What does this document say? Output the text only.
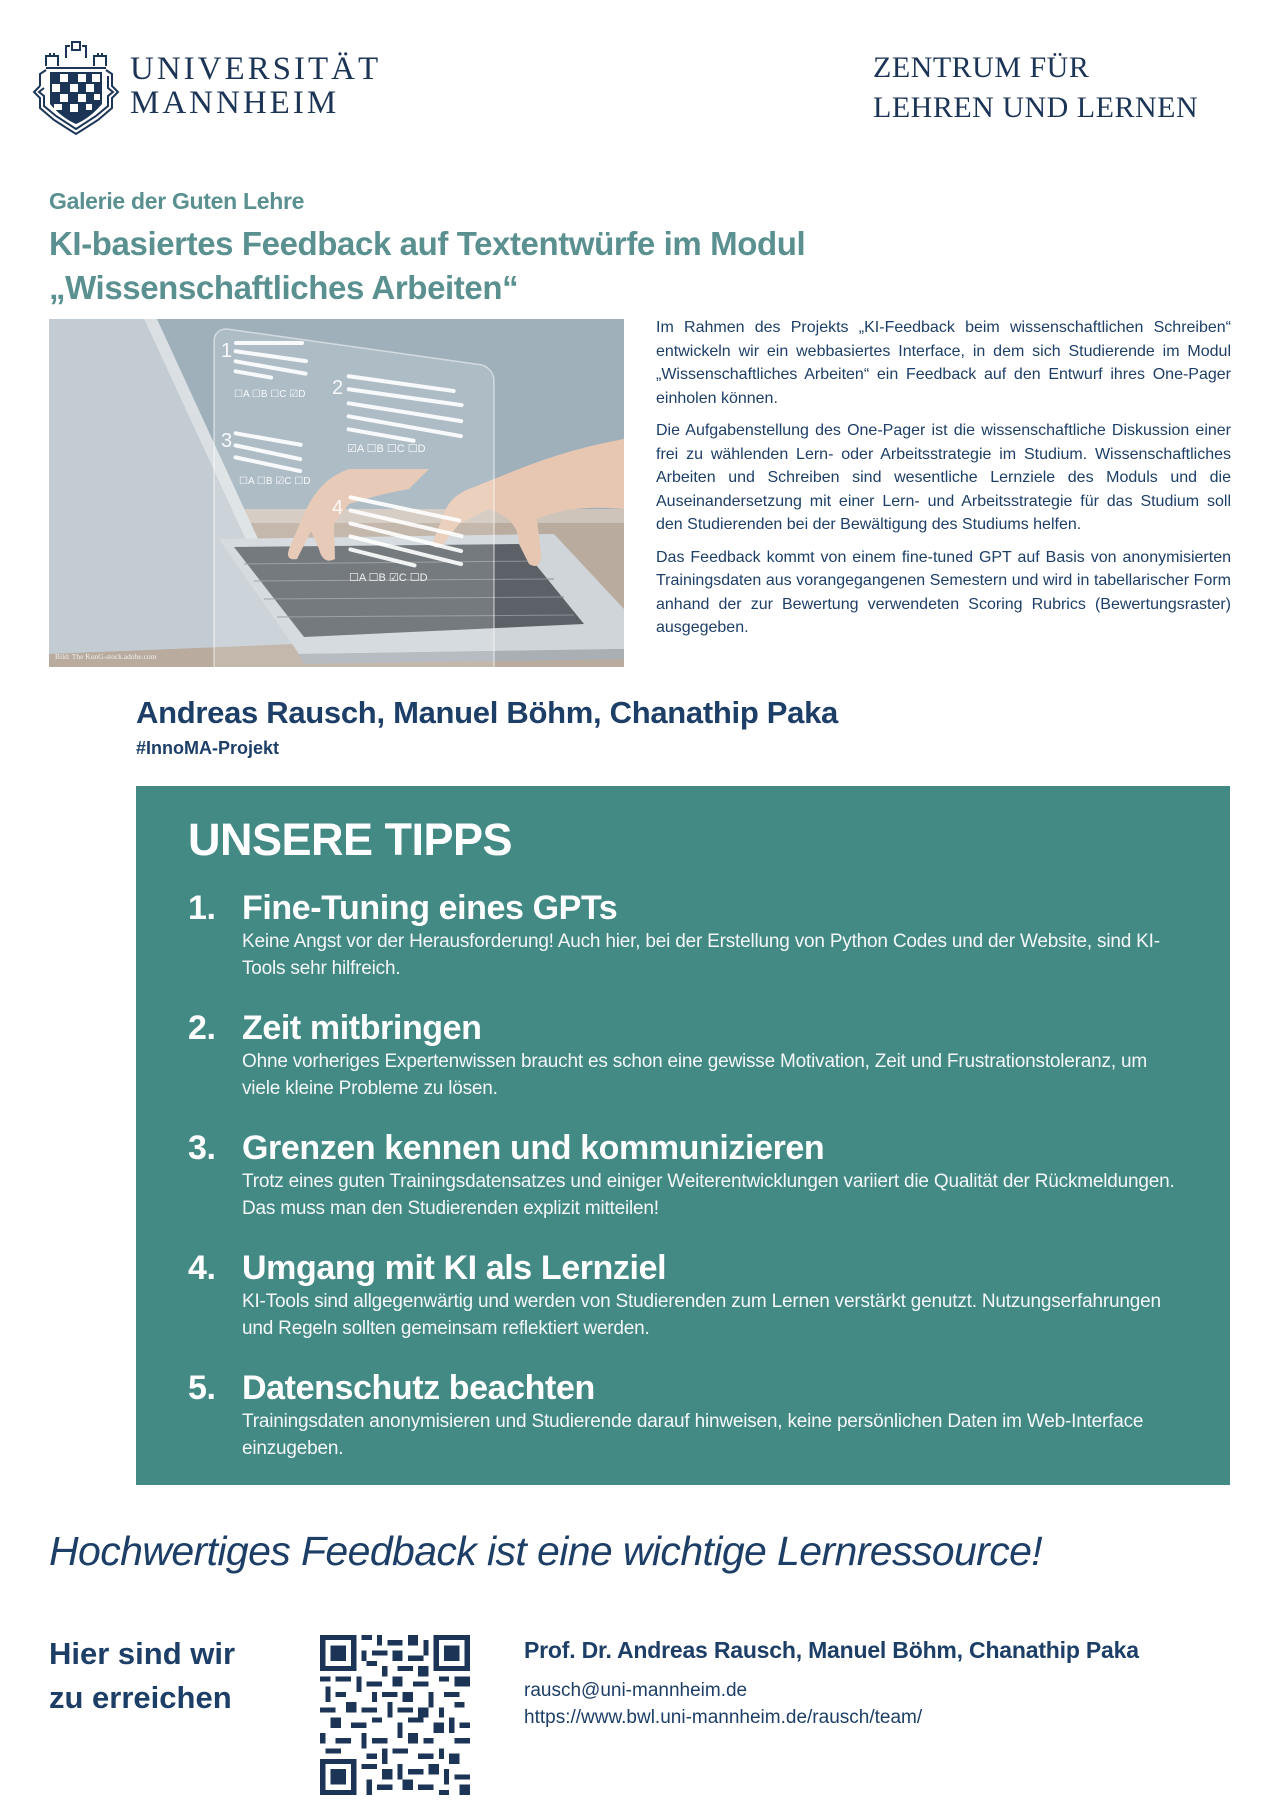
UNIVERSITÄT
MANNHEIM
ZENTRUM FÜR
LEHREN UND LERNEN
Galerie der Guten Lehre
KI-basiertes Feedback auf Textentwürfe im Modul
„Wissenschaftliches Arbeiten“
1
☐A ☐B ☐C ☑D 2
☑A ☐B ☐C ☐D
3
☐A ☐B ☑C ☐D
4
☐A ☐B ☑C ☐D
Bild: The KonG-stock.adobe.com

Im Rahmen des Projekts „KI-Feedback beim wissenschaftlichen Schreiben“ entwickeln wir ein webbasiertes Interface, in dem sich Studierende im Modul „Wissenschaftliches Arbeiten“ ein Feedback auf den Entwurf ihres One-Pager einholen können.

Die Aufgabenstellung des One-Pager ist die wissenschaftliche Diskussion einer frei zu wählenden Lern- oder Arbeitsstrategie im Studium. Wissenschaftliches Arbeiten und Schreiben sind wesentliche Lernziele des Moduls und die Auseinandersetzung mit einer Lern- und Arbeitsstrategie für das Studium soll den Studierenden bei der Bewältigung des Studiums helfen.

Das Feedback kommt von einem fine-tuned GPT auf Basis von anonymisierten Trainingsdaten aus vorangegangenen Semestern und wird in tabellarischer Form anhand der zur Bewertung verwendeten Scoring Rubrics (Bewertungsraster) ausgegeben.

Andreas Rausch, Manuel Böhm, Chanathip Paka
#InnoMA-Projekt
UNSERE TIPPS
1. Fine-Tuning eines GPTs
Keine Angst vor der Herausforderung! Auch hier, bei der Erstellung von Python Codes und der Website, sind KI-Tools sehr hilfreich.
2. Zeit mitbringen
Ohne vorheriges Expertenwissen braucht es schon eine gewisse Motivation, Zeit und Frustrationstoleranz, um viele kleine Probleme zu lösen.
3. Grenzen kennen und kommunizieren
Trotz eines guten Trainingsdatensatzes und einiger Weiterentwicklungen variiert die Qualität der Rückmeldungen. Das muss man den Studierenden explizit mitteilen!
4. Umgang mit KI als Lernziel
KI-Tools sind allgegenwärtig und werden von Studierenden zum Lernen verstärkt genutzt. Nutzungserfahrungen und Regeln sollten gemeinsam reflektiert werden.
5. Datenschutz beachten
Trainingsdaten anonymisieren und Studierende darauf hinweisen, keine persönlichen Daten im Web-Interface einzugeben.
Hochwertiges Feedback ist eine wichtige Lernressource!
Hier sind wir
zu erreichen
Prof. Dr. Andreas Rausch, Manuel Böhm, Chanathip Paka
rausch@uni-mannheim.de
https://www.bwl.uni-mannheim.de/rausch/team/
